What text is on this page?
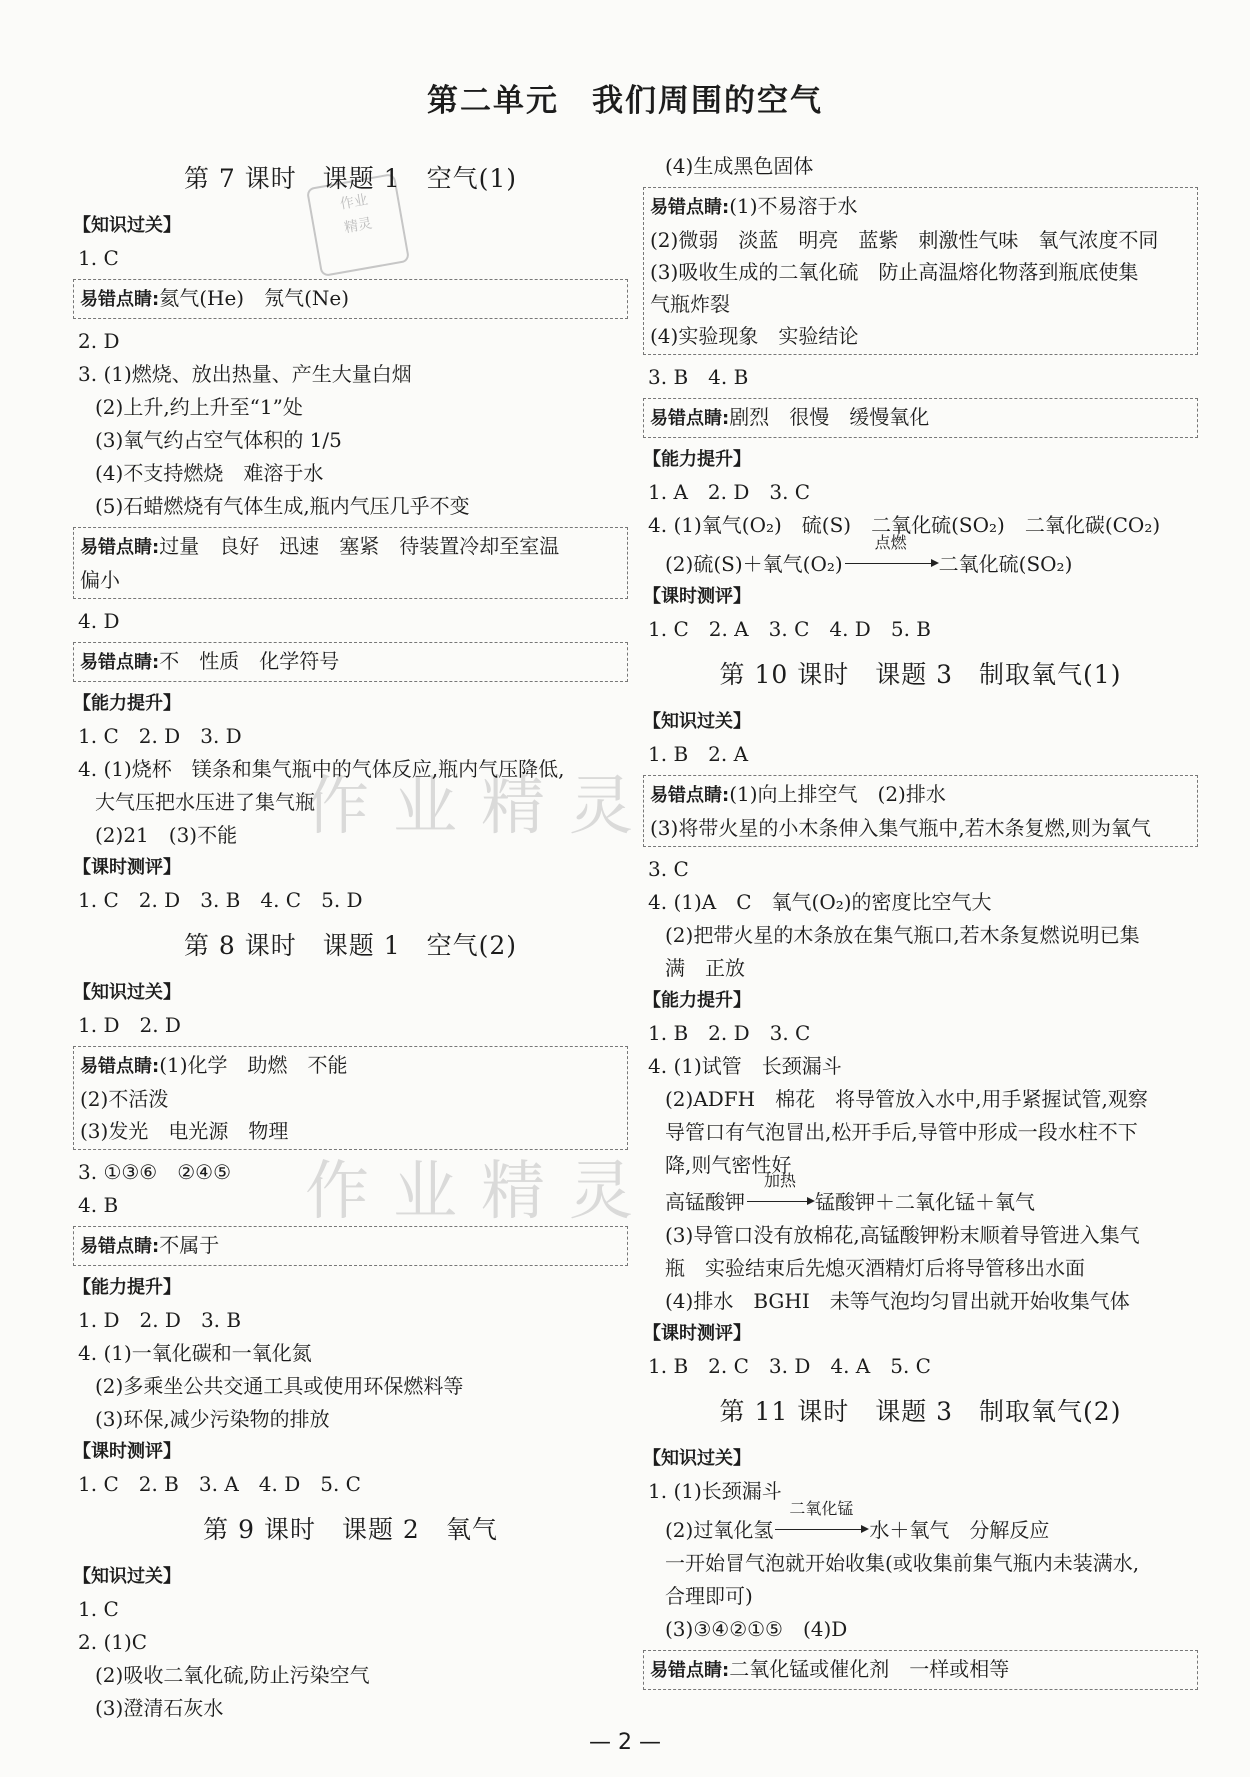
第二单元　我们周围的空气
作业
精灵
作业精灵
作业精灵
第 7 课时　课题 1　空气(1)
【知识过关】
1. C
易错点睛:氦气(He)　氖气(Ne)
2. D
3. (1)燃烧、放出热量、产生大量白烟
(2)上升,约上升至“1”处
(3)氧气约占空气体积的 1/5
(4)不支持燃烧　难溶于水
(5)石蜡燃烧有气体生成,瓶内气压几乎不变
易错点睛:过量　良好　迅速　塞紧　待装置冷却至室温
偏小
4. D
易错点睛:不　性质　化学符号
【能力提升】
1. C　2. D　3. D
4. (1)烧杯　镁条和集气瓶中的气体反应,瓶内气压降低,
大气压把水压进了集气瓶
(2)21　(3)不能
【课时测评】
1. C　2. D　3. B　4. C　5. D
第 8 课时　课题 1　空气(2)
【知识过关】
1. D　2. D
易错点睛:(1)化学　助燃　不能
(2)不活泼
(3)发光　电光源　物理
3. ①③⑥　②④⑤
4. B
易错点睛:不属于
【能力提升】
1. D　2. D　3. B
4. (1)一氧化碳和一氧化氮
(2)多乘坐公共交通工具或使用环保燃料等
(3)环保,减少污染物的排放
【课时测评】
1. C　2. B　3. A　4. D　5. C
第 9 课时　课题 2　氧气
【知识过关】
1. C
2. (1)C
(2)吸收二氧化硫,防止污染空气
(3)澄清石灰水
(4)生成黑色固体
易错点睛:(1)不易溶于水
(2)微弱　淡蓝　明亮　蓝紫　刺激性气味　氧气浓度不同
(3)吸收生成的二氧化硫　防止高温熔化物落到瓶底使集
气瓶炸裂
(4)实验现象　实验结论
3. B　4. B
易错点睛:剧烈　很慢　缓慢氧化
【能力提升】
1. A　2. D　3. C
4. (1)氧气(O₂)　硫(S)　二氧化硫(SO₂)　二氧化碳(CO₂)
(2)硫(S)＋氧气(O₂)
点燃
二氧化硫(SO₂)
【课时测评】
1. C　2. A　3. C　4. D　5. B
第 10 课时　课题 3　制取氧气(1)
【知识过关】
1. B　2. A
易错点睛:(1)向上排空气　(2)排水
(3)将带火星的小木条伸入集气瓶中,若木条复燃,则为氧气
3. C
4. (1)A　C　氧气(O₂)的密度比空气大
(2)把带火星的木条放在集气瓶口,若木条复燃说明已集
满　正放
【能力提升】
1. B　2. D　3. C
4. (1)试管　长颈漏斗
(2)ADFH　棉花　将导管放入水中,用手紧握试管,观察
导管口有气泡冒出,松开手后,导管中形成一段水柱不下
降,则气密性好
高锰酸钾
加热
锰酸钾＋二氧化锰＋氧气
(3)导管口没有放棉花,高锰酸钾粉末顺着导管进入集气
瓶　实验结束后先熄灭酒精灯后将导管移出水面
(4)排水　BGHI　未等气泡均匀冒出就开始收集气体
【课时测评】
1. B　2. C　3. D　4. A　5. C
第 11 课时　课题 3　制取氧气(2)
【知识过关】
1. (1)长颈漏斗
(2)过氧化氢
二氧化锰
水＋氧气　分解反应
一开始冒气泡就开始收集(或收集前集气瓶内未装满水,
合理即可)
(3)③④②①⑤　(4)D
易错点睛:二氧化锰或催化剂　一样或相等
— 2 —
